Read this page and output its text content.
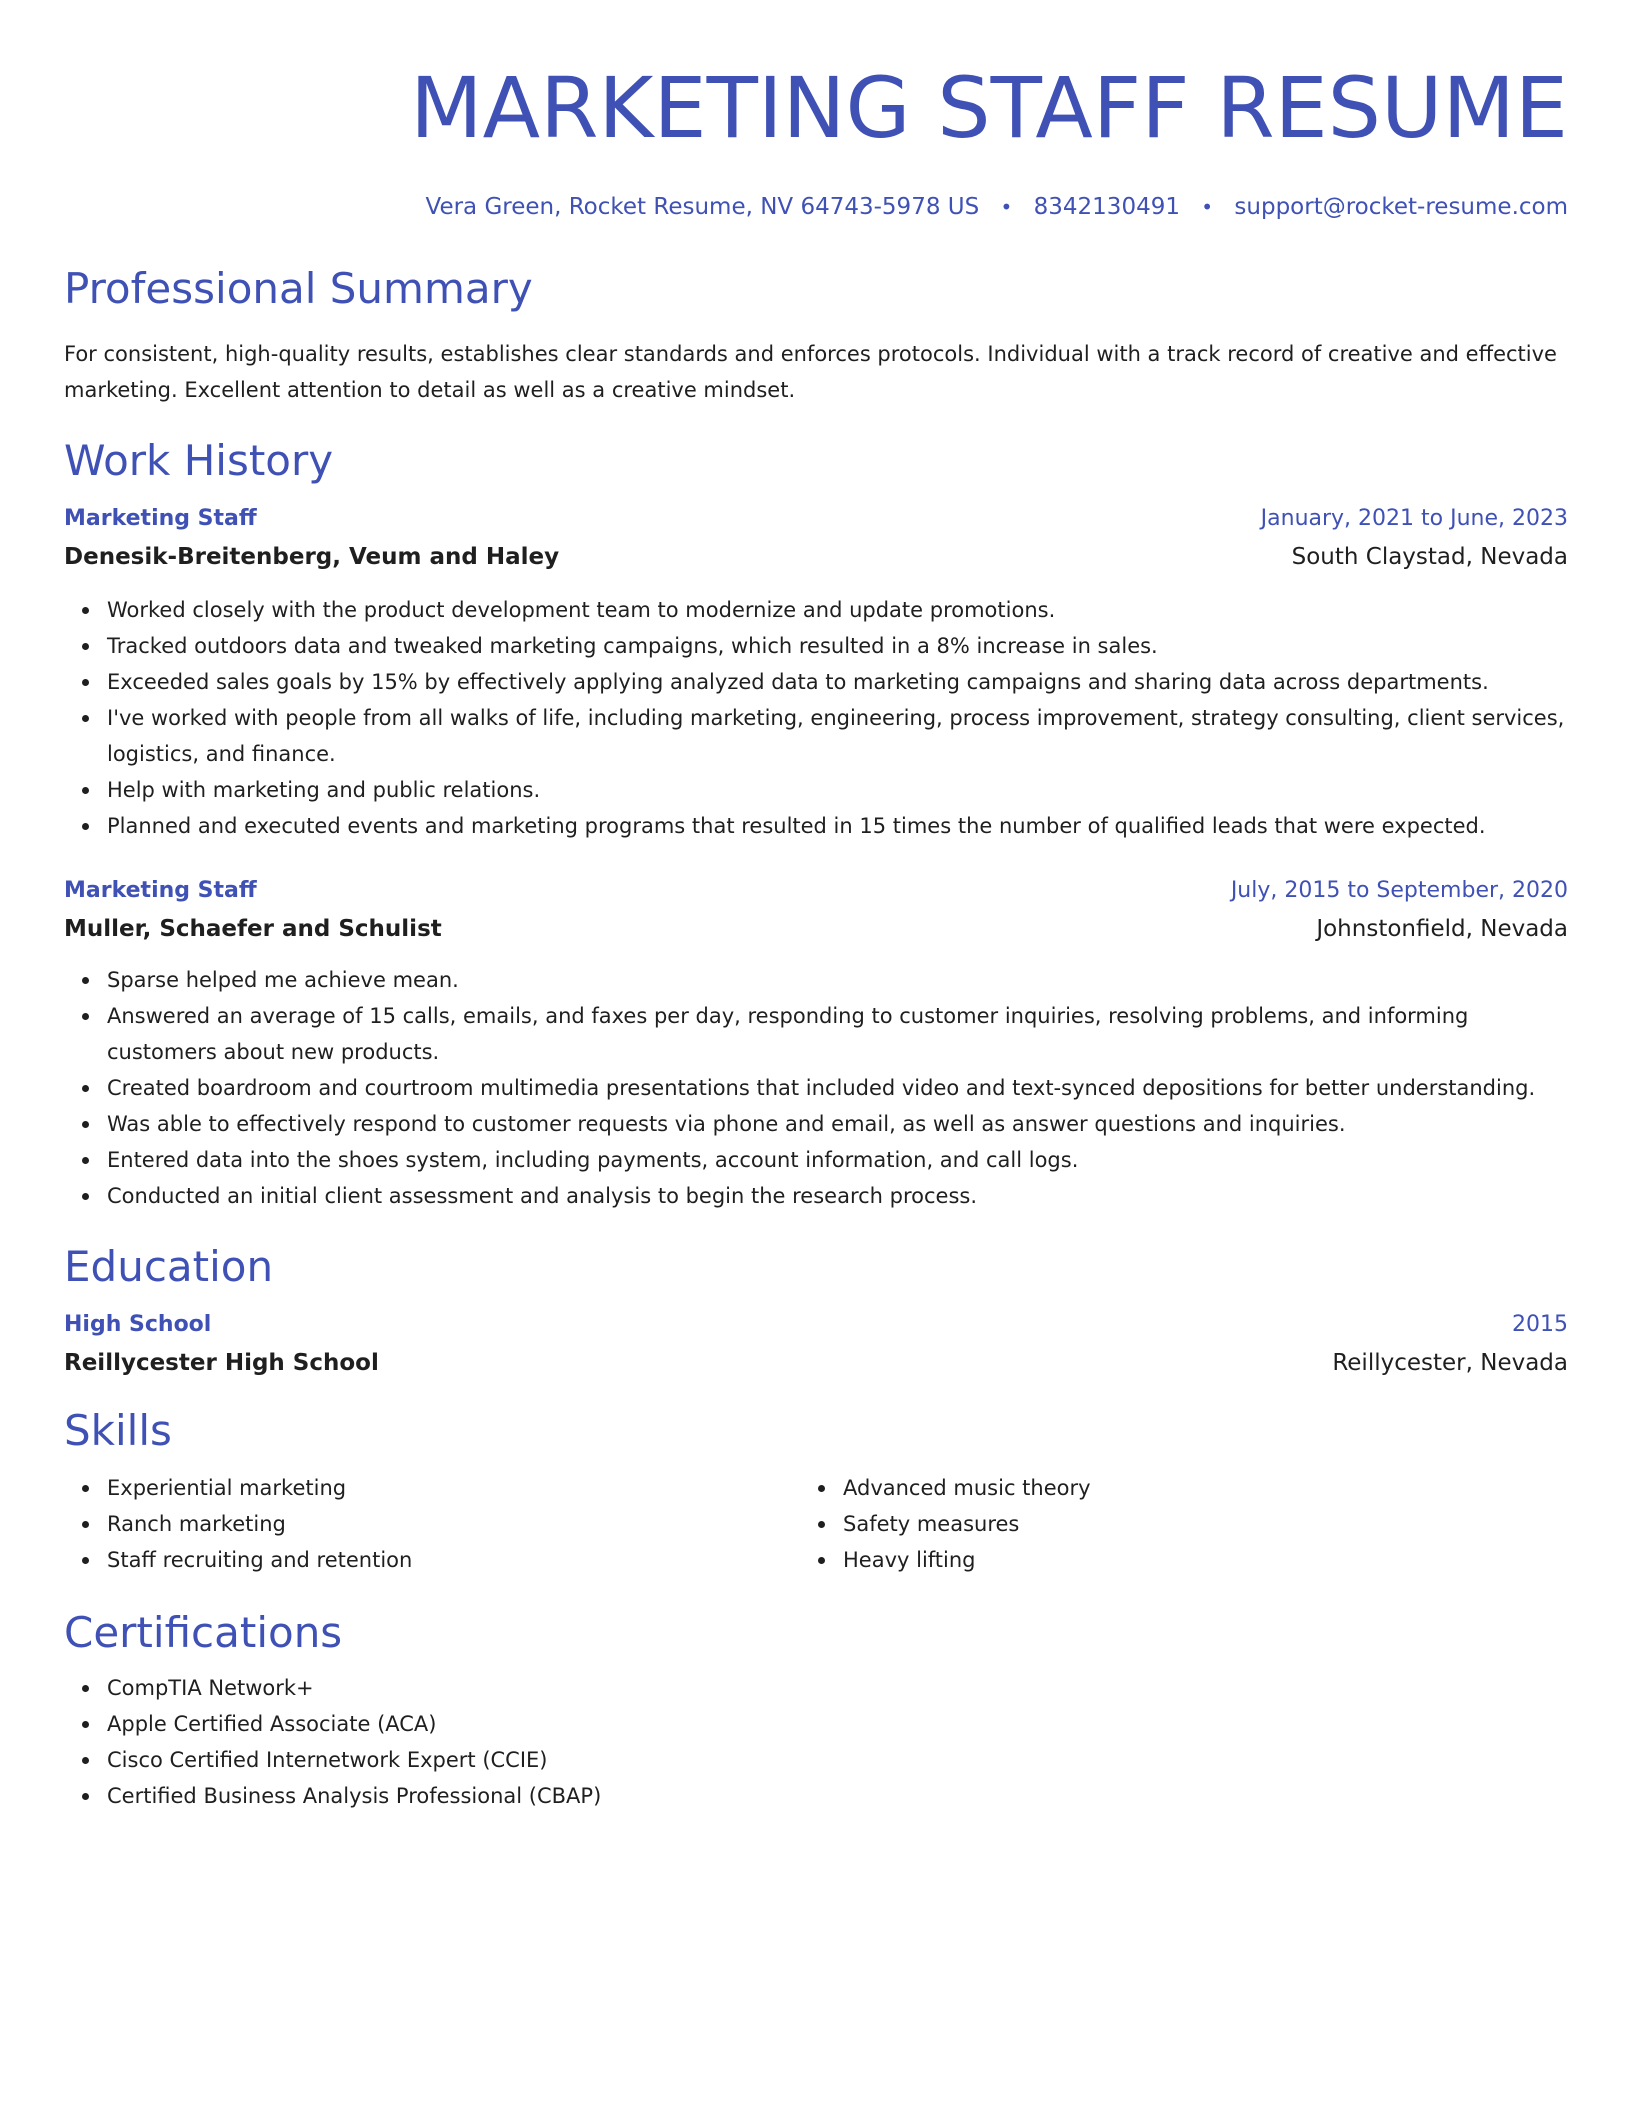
MARKETING STAFF RESUME
Vera Green, Rocket Resume, NV 64743-5978 US • 8342130491 • support@rocket-resume.com
Professional Summary

For consistent, high-quality results, establishes clear standards and enforces protocols. Individual with a track record of creative and effective marketing. Excellent attention to detail as well as a creative mindset.

Work History
Marketing Staff	January, 2021 to June, 2023
Denesik-Breitenberg, Veum and Haley	South Claystad, Nevada
Worked closely with the product development team to modernize and update promotions.
Tracked outdoors data and tweaked marketing campaigns, which resulted in a 8% increase in sales.
Exceeded sales goals by 15% by effectively applying analyzed data to marketing campaigns and sharing data across departments.
I've worked with people from all walks of life, including marketing, engineering, process improvement, strategy consulting, client services, logistics, and finance.
Help with marketing and public relations.
Planned and executed events and marketing programs that resulted in 15 times the number of qualified leads that were expected.
Marketing Staff	July, 2015 to September, 2020
Muller, Schaefer and Schulist	Johnstonfield, Nevada
Sparse helped me achieve mean.
Answered an average of 15 calls, emails, and faxes per day, responding to customer inquiries, resolving problems, and informing customers about new products.
Created boardroom and courtroom multimedia presentations that included video and text-synced depositions for better understanding.
Was able to effectively respond to customer requests via phone and email, as well as answer questions and inquiries.
Entered data into the shoes system, including payments, account information, and call logs.
Conducted an initial client assessment and analysis to begin the research process.
Education
High School	2015
Reillycester High School	Reillycester, Nevada
Skills
Experiential marketing
Ranch marketing
Staff recruiting and retention
Advanced music theory
Safety measures
Heavy lifting
Certifications
CompTIA Network+
Apple Certified Associate (ACA)
Cisco Certified Internetwork Expert (CCIE)
Certified Business Analysis Professional (CBAP)
